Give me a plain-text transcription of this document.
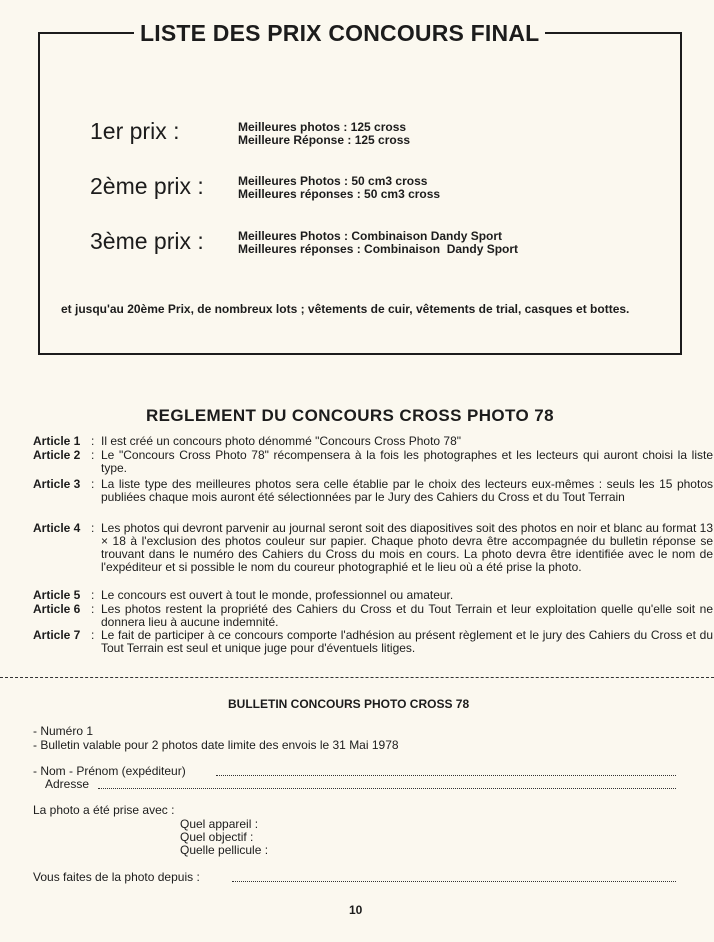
LISTE DES PRIX CONCOURS FINAL
1er prix :	Meilleures photos : 125 cross
Meilleure Réponse : 125 cross
2ème prix :	Meilleures Photos : 50 cm3 cross
Meilleures réponses : 50 cm3 cross
3ème prix :	Meilleures Photos : Combinaison Dandy Sport
Meilleures réponses : Combinaison  Dandy Sport
et jusqu'au 20ème Prix, de nombreux lots ; vêtements de cuir, vêtements de trial, casques et bottes.
REGLEMENT DU CONCOURS CROSS PHOTO 78
Article 1 : Il est créé un concours photo dénommé "Concours Cross Photo 78"
Article 2 : Le "Concours Cross Photo 78" récompensera à la fois les photographes et les lecteurs qui auront choisi la liste type.
Article 3 : La liste type des meilleures photos sera celle établie par le choix des lecteurs eux-mêmes : seuls les 15 photos publiées chaque mois auront été sélectionnées par le Jury des Cahiers du Cross et du Tout Terrain
Article 4 : Les photos qui devront parvenir au journal seront soit des diapositives soit des photos en noir et blanc au format 13 × 18 à l'exclusion des photos couleur sur papier. Chaque photo devra être accompagnée du bulletin réponse se trouvant dans le numéro des Cahiers du Cross du mois en cours. La photo devra être identifiée avec le nom de l'expéditeur et si possible le nom du coureur photographié et le lieu où a été prise la photo.
Article 5 : Le concours est ouvert à tout le monde, professionnel ou amateur.
Article 6 : Les photos restent la propriété des Cahiers du Cross et du Tout Terrain et leur exploitation quelle qu'elle soit ne donnera lieu à aucune indemnité.
Article 7 : Le fait de participer à ce concours comporte l'adhésion au présent règlement et le jury des Cahiers du Cross et du Tout Terrain est seul et unique juge pour d'éventuels litiges.
BULLETIN CONCOURS PHOTO CROSS 78
- Numéro 1
- Bulletin valable pour 2 photos date limite des envois le 31 Mai 1978
- Nom - Prénom (expéditeur)
Adresse
La photo a été prise avec :
Quel appareil :
Quel objectif :
Quelle pellicule :
Vous faites de la photo depuis :
10
